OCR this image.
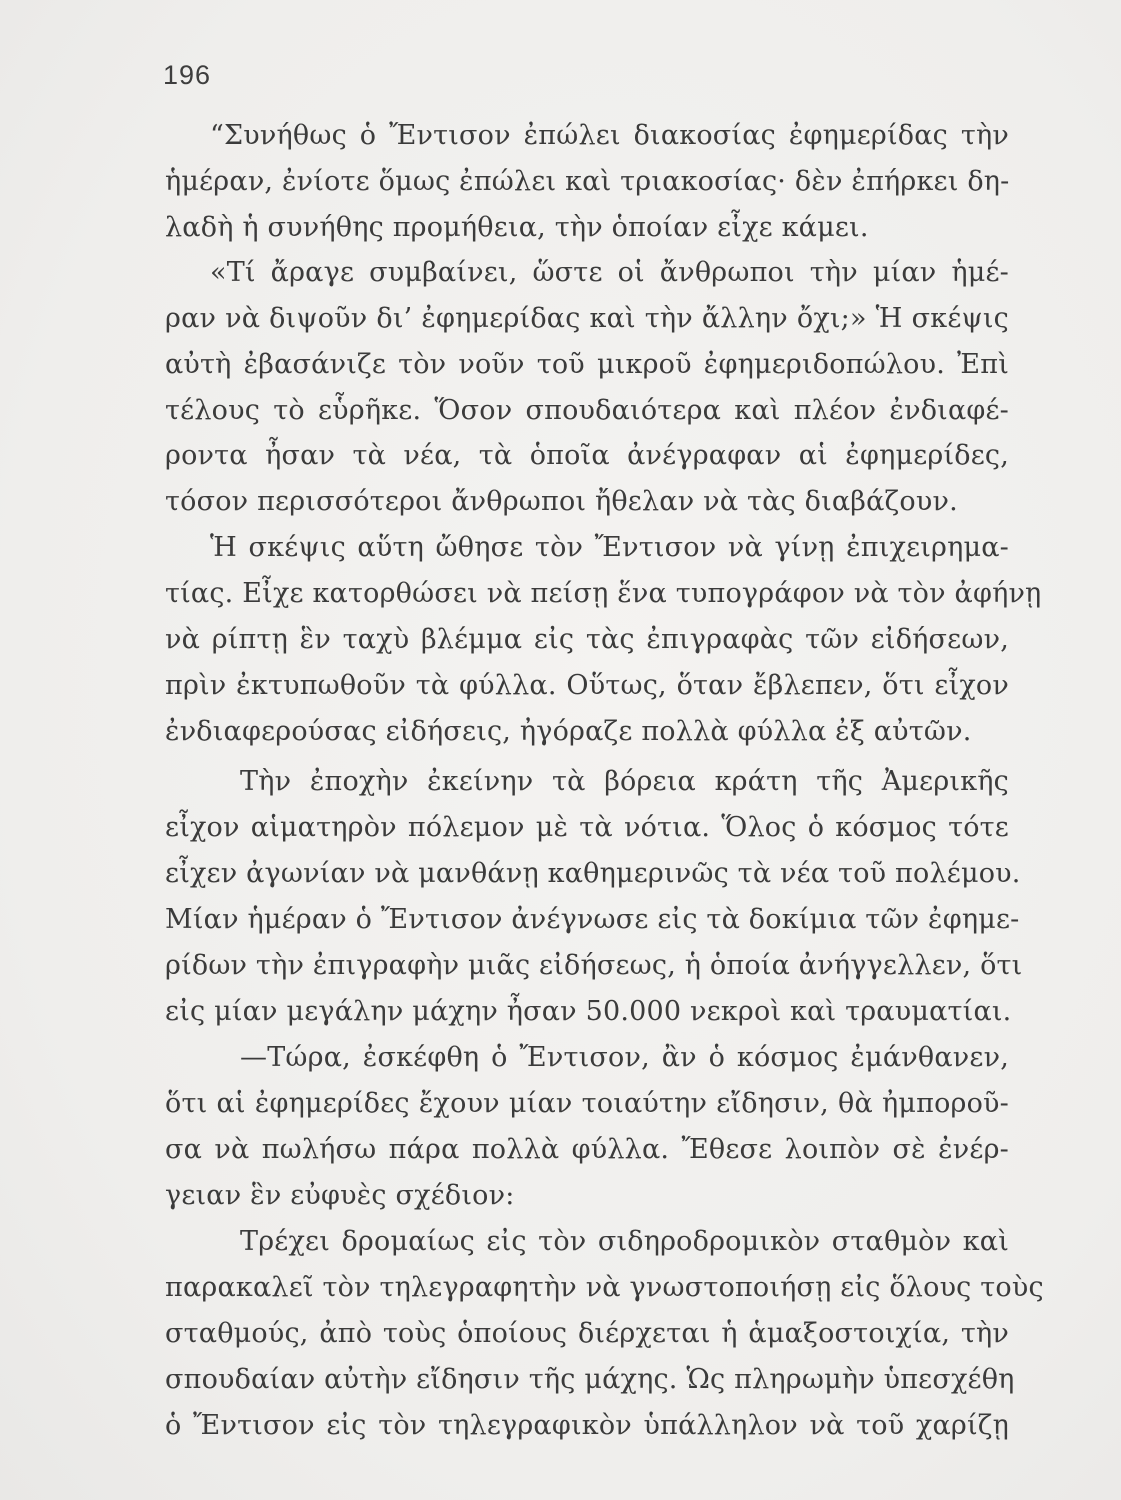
196
“Συνήθως ὁ Ἔντισον ἐπώλει διακοσίας ἐφημερίδας τὴν
ἡμέραν, ἐνίοτε ὅμως ἐπώλει καὶ τριακοσίας· δὲν ἐπήρκει δη-
λαδὴ ἡ συνήθης προμήθεια, τὴν ὁποίαν εἶχε κάμει.
«Τί ἄραγε συμβαίνει, ὥστε οἱ ἄνθρωποι τὴν μίαν ἡμέ-
ραν νὰ διψοῦν δι’ ἐφημερίδας καὶ τὴν ἄλλην ὄχι;» Ἡ σκέψις
αὐτὴ ἐβασάνιζε τὸν νοῦν τοῦ μικροῦ ἐφημεριδοπώλου. Ἐπὶ
τέλους τὸ εὗρῆκε. Ὅσον σπουδαιότερα καὶ πλέον ἐνδιαφέ-
ροντα ἦσαν τὰ νέα, τὰ ὁποῖα ἀνέγραφαν αἱ ἐφημερίδες,
τόσον περισσότεροι ἄνθρωποι ἤθελαν νὰ τὰς διαβάζουν.
Ἡ σκέψις αὕτη ὤθησε τὸν Ἔντισον νὰ γίνῃ ἐπιχειρημα-
τίας. Εἶχε κατορθώσει νὰ πείσῃ ἕνα τυπογράφον νὰ τὸν ἀφήνῃ
νὰ ρίπτῃ ἓν ταχὺ βλέμμα εἰς τὰς ἐπιγραφὰς τῶν εἰδήσεων,
πρὶν ἐκτυπωθοῦν τὰ φύλλα. Οὕτως, ὅταν ἔβλεπεν, ὅτι εἶχον
ἐνδιαφερούσας εἰδήσεις, ἠγόραζε πολλὰ φύλλα ἐξ αὐτῶν.
Τὴν ἐποχὴν ἐκείνην τὰ βόρεια κράτη τῆς Ἀμερικῆς
εἶχον αἱματηρὸν πόλεμον μὲ τὰ νότια. Ὅλος ὁ κόσμος τότε
εἶχεν ἀγωνίαν νὰ μανθάνῃ καθημερινῶς τὰ νέα τοῦ πολέμου.
Μίαν ἡμέραν ὁ Ἔντισον ἀνέγνωσε εἰς τὰ δοκίμια τῶν ἐφημε-
ρίδων τὴν ἐπιγραφὴν μιᾶς εἰδήσεως, ἡ ὁποία ἀνήγγελλεν, ὅτι
εἰς μίαν μεγάλην μάχην ἦσαν 50.000 νεκροὶ καὶ τραυματίαι.
—Τώρα, ἐσκέφθη ὁ Ἔντισον, ἂν ὁ κόσμος ἐμάνθανεν,
ὅτι αἱ ἐφημερίδες ἔχουν μίαν τοιαύτην εἴδησιν, θὰ ἠμποροῦ-
σα νὰ πωλήσω πάρα πολλὰ φύλλα. Ἔθεσε λοιπὸν σὲ ἐνέρ-
γειαν ἓν εὐφυὲς σχέδιον:
Τρέχει δρομαίως εἰς τὸν σιδηροδρομικὸν σταθμὸν καὶ
παρακαλεῖ τὸν τηλεγραφητὴν νὰ γνωστοποιήσῃ εἰς ὅλους τοὺς
σταθμούς, ἀπὸ τοὺς ὁποίους διέρχεται ἡ ἁμαξοστοιχία, τὴν
σπουδαίαν αὐτὴν εἴδησιν τῆς μάχης. Ὡς πληρωμὴν ὑπεσχέθη
ὁ Ἔντισον εἰς τὸν τηλεγραφικὸν ὑπάλληλον νὰ τοῦ χαρίζῃ
